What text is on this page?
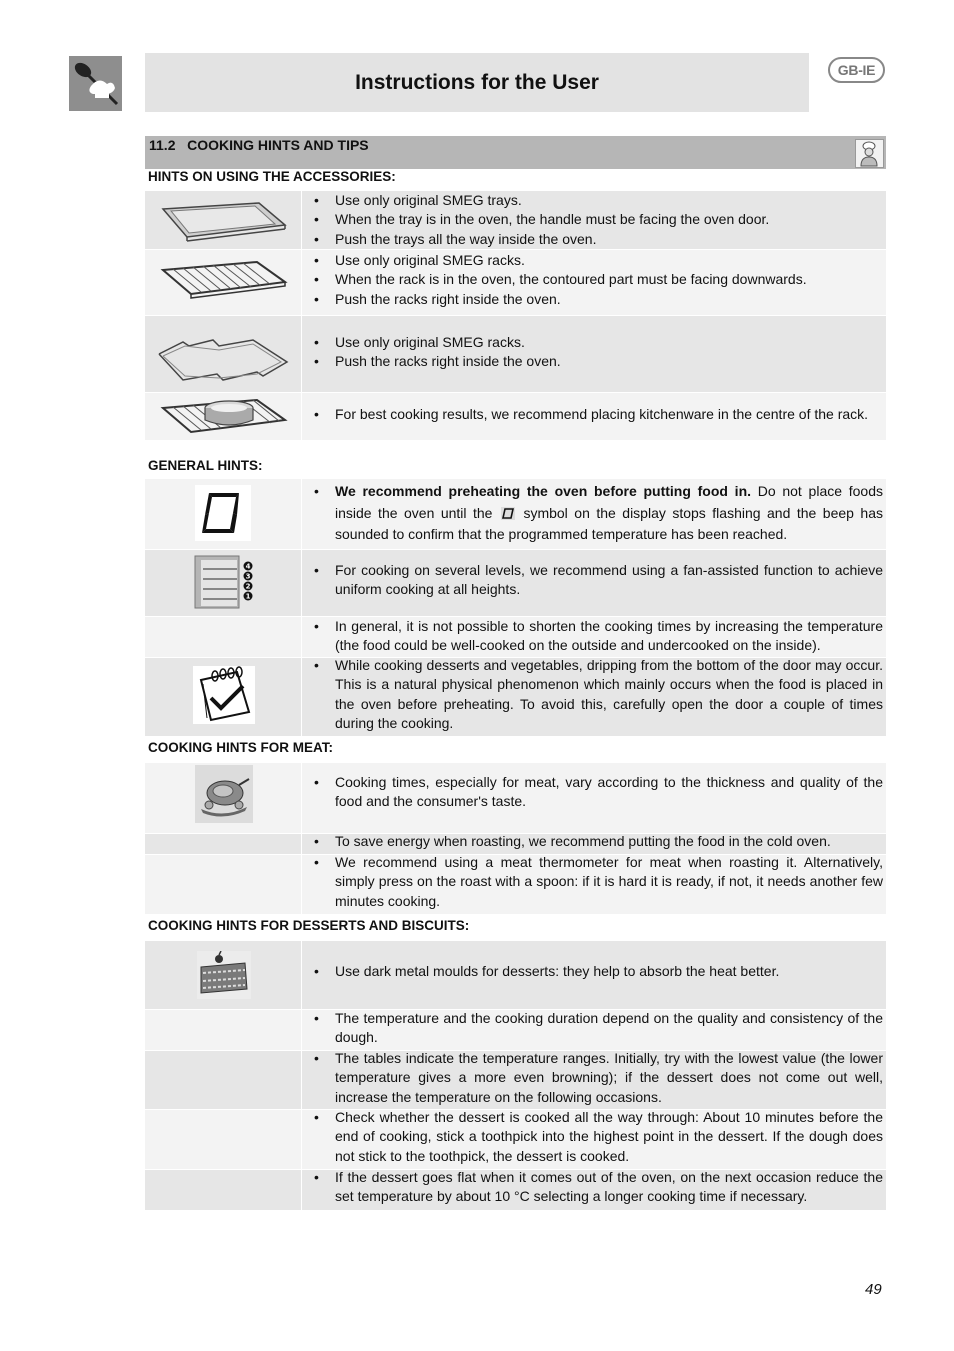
Instructions for the User
GB-IE
11.2   COOKING HINTS AND TIPS
HINTS ON USING THE ACCESSORIES:
• Use only original SMEG trays.
• When the tray is in the oven, the handle must be facing the oven door.
• Push the trays all the way inside the oven.
• Use only original SMEG racks.
• When the rack is in the oven, the contoured part must be facing downwards.
• Push the racks right inside the oven.
• Use only original SMEG racks.
• Push the racks right inside the oven.
• For best cooking results, we recommend placing kitchenware in the centre of the rack.
GENERAL HINTS:
• We recommend preheating the oven before putting food in. Do not place foods inside the oven until the  symbol on the display stops flashing and the beep has sounded to confirm that the programmed temperature has been reached.
4
3
2
1
• For cooking on several levels, we recommend using a fan-assisted function to achieve uniform cooking at all heights.
• In general, it is not possible to shorten the cooking times by increasing the temperature (the food could be well-cooked on the outside and undercooked on the inside).
• While cooking desserts and vegetables, dripping from the bottom of the door may occur. This is a natural physical phenomenon which mainly occurs when the food is placed in the oven before preheating. To avoid this, carefully open the door a couple of times during the cooking.
COOKING HINTS FOR MEAT:
• Cooking times, especially for meat, vary according to the thickness and quality of the food and the consumer's taste.
• To save energy when roasting, we recommend putting the food in the cold oven.
• We recommend using a meat thermometer for meat when roasting it. Alternatively, simply press on the roast with a spoon: if it is hard it is ready, if not, it needs another few minutes cooking.
COOKING HINTS FOR DESSERTS AND BISCUITS:
• Use dark metal moulds for desserts: they help to absorb the heat better.
• The temperature and the cooking duration depend on the quality and consistency of the dough.
• The tables indicate the temperature ranges. Initially, try with the lowest value (the lower temperature gives a more even browning); if the dessert does not come out well, increase the temperature on the following occasions.
• Check whether the dessert is cooked all the way through: About 10 minutes before the end of cooking, stick a toothpick into the highest point in the dessert. If the dough does not stick to the toothpick, the dessert is cooked.
• If the dessert goes flat when it comes out of the oven, on the next occasion reduce the set temperature by about 10 °C selecting a longer cooking time if necessary.
49
